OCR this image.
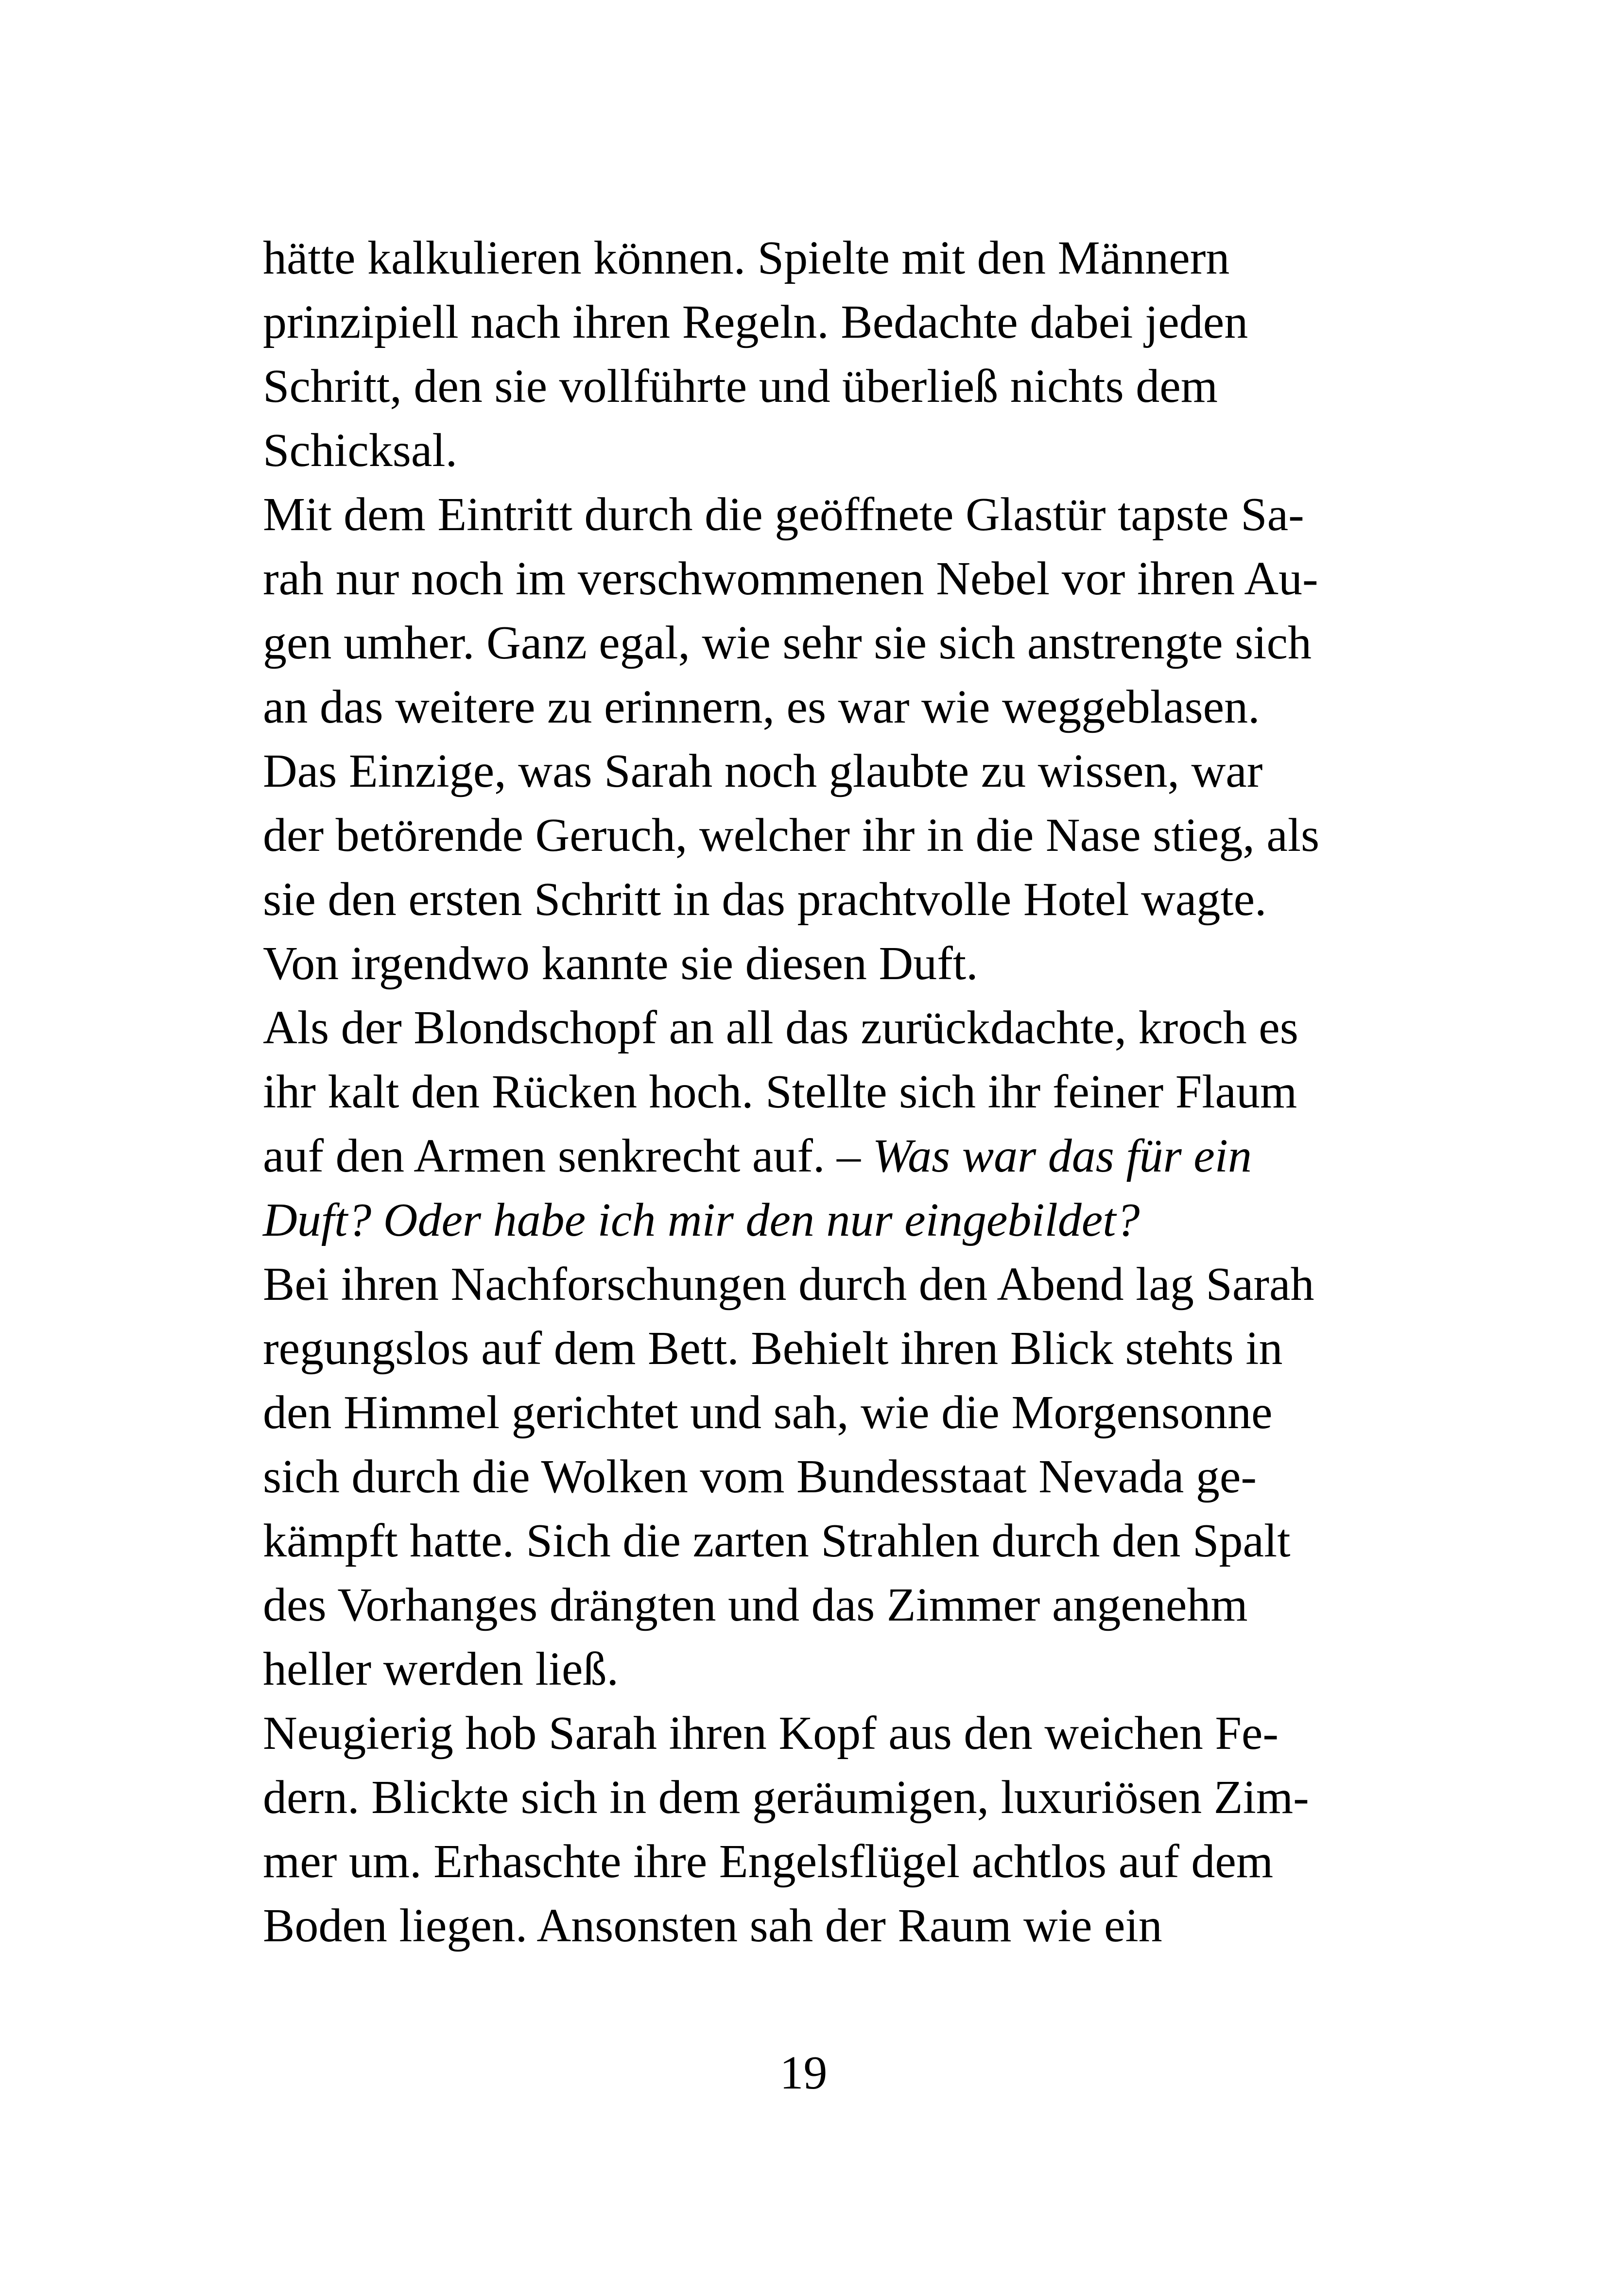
hätte kalkulieren können. Spielte mit den Männern
prinzipiell nach ihren Regeln. Bedachte dabei jeden
Schritt, den sie vollführte und überließ nichts dem
Schicksal.
Mit dem Eintritt durch die geöffnete Glastür tapste Sa-
rah nur noch im verschwommenen Nebel vor ihren Au-
gen umher. Ganz egal, wie sehr sie sich anstrengte sich
an das weitere zu erinnern, es war wie weggeblasen.
Das Einzige, was Sarah noch glaubte zu wissen, war
der betörende Geruch, welcher ihr in die Nase stieg, als
sie den ersten Schritt in das prachtvolle Hotel wagte.
Von irgendwo kannte sie diesen Duft.
Als der Blondschopf an all das zurückdachte, kroch es
ihr kalt den Rücken hoch. Stellte sich ihr feiner Flaum
auf den Armen senkrecht auf. – Was war das für ein
Duft? Oder habe ich mir den nur eingebildet?
Bei ihren Nachforschungen durch den Abend lag Sarah
regungslos auf dem Bett. Behielt ihren Blick stehts in
den Himmel gerichtet und sah, wie die Morgensonne
sich durch die Wolken vom Bundesstaat Nevada ge-
kämpft hatte. Sich die zarten Strahlen durch den Spalt
des Vorhanges drängten und das Zimmer angenehm
heller werden ließ.
Neugierig hob Sarah ihren Kopf aus den weichen Fe-
dern. Blickte sich in dem geräumigen, luxuriösen Zim-
mer um. Erhaschte ihre Engelsflügel achtlos auf dem
Boden liegen. Ansonsten sah der Raum wie ein
19
